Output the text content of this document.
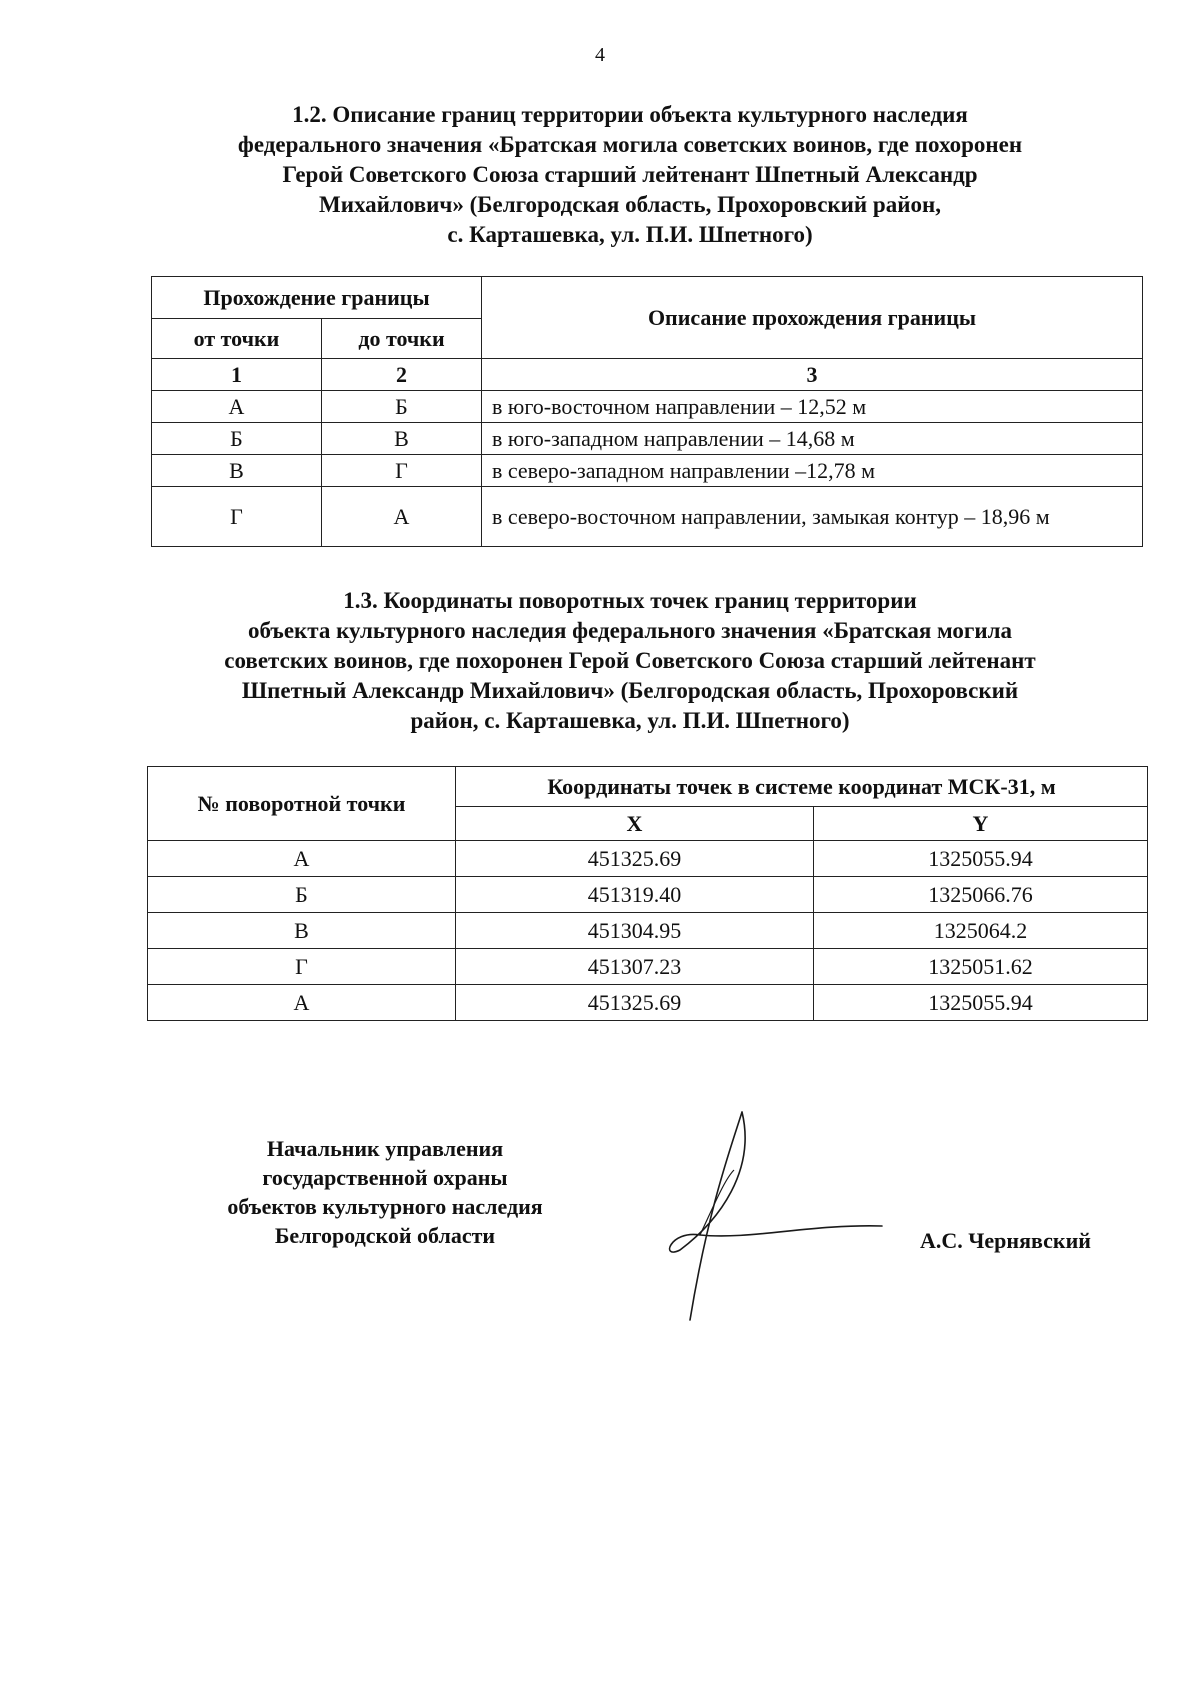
4
1.2. Описание границ территории объекта культурного наследия
федерального значения «Братская могила советских воинов, где похоронен
Герой Советского Союза старший лейтенант Шпетный Александр
Михайлович» (Белгородская область, Прохоровский район,
с. Карташевка, ул. П.И. Шпетного)
Прохождение границы		Описание прохождения границы
от точки	до точки	
1	2	3
А	Б	в юго-восточном направлении – 12,52 м
Б	В	в юго-западном направлении – 14,68 м
В	Г	в северо-западном направлении –12,78 м
Г	А	в северо-восточном направлении, замыкая контур – 18,96 м
1.3. Координаты поворотных точек границ территории
объекта культурного наследия федерального значения «Братская могила
советских воинов, где похоронен Герой Советского Союза старший лейтенант
Шпетный Александр Михайлович» (Белгородская область, Прохоровский
район, с. Карташевка, ул. П.И. Шпетного)
№ поворотной точки	Координаты точек в системе координат МСК-31, м	
	X	Y
А	451325.69	1325055.94
Б	451319.40	1325066.76
В	451304.95	1325064.2
Г	451307.23	1325051.62
А	451325.69	1325055.94
Начальник управления
государственной охраны
объектов культурного наследия
Белгородской области	А.С. Чернявский
